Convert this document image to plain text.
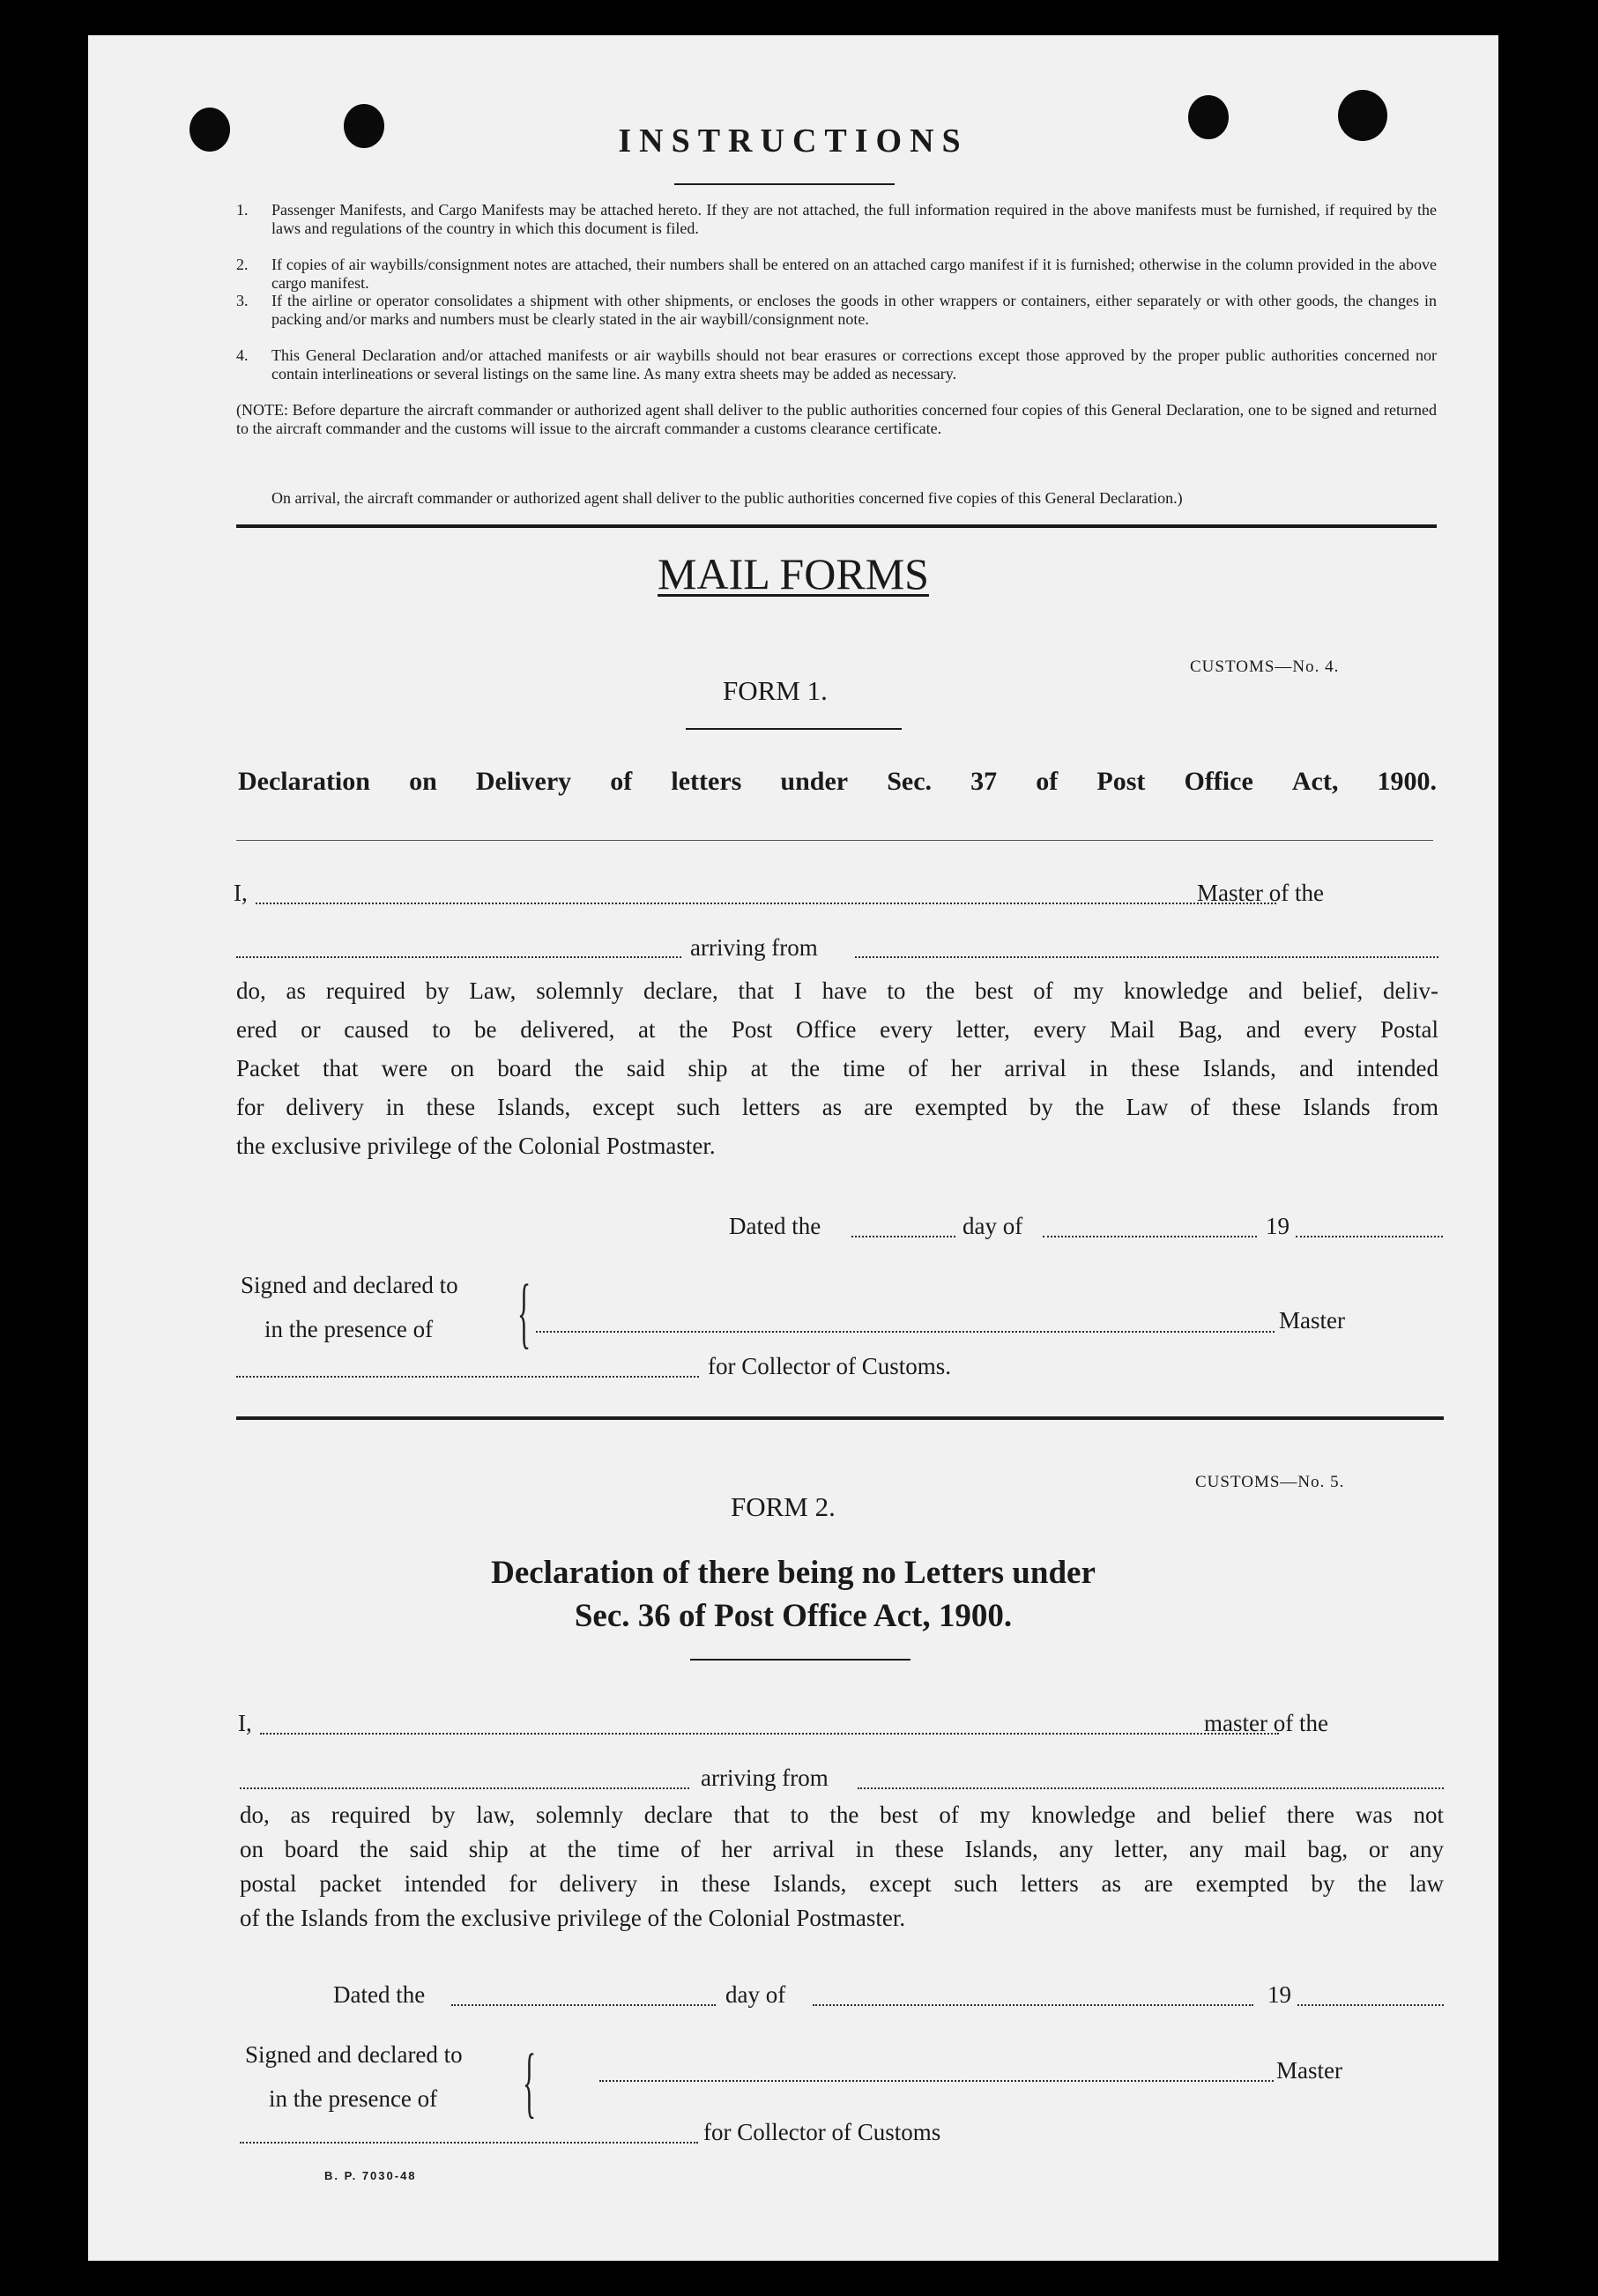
INSTRUCTIONS
1. Passenger Manifests, and Cargo Manifests may be attached hereto. If they are not attached, the full information required in the above manifests must be furnished, if required by the laws and regulations of the country in which this document is filed.
2. If copies of air waybills/consignment notes are attached, their numbers shall be entered on an attached cargo manifest if it is furnished; otherwise in the column provided in the above cargo manifest.
3. If the airline or operator consolidates a shipment with other shipments, or encloses the goods in other wrappers or containers, either separately or with other goods, the changes in packing and/or marks and numbers must be clearly stated in the air waybill/consignment note.
4. This General Declaration and/or attached manifests or air waybills should not bear erasures or corrections except those approved by the proper public authorities concerned nor contain interlineations or several listings on the same line. As many extra sheets may be added as necessary.
(NOTE: Before departure the aircraft commander or authorized agent shall deliver to the public authorities concerned four copies of this General Declaration, one to be signed and returned to the aircraft commander and the customs will issue to the aircraft commander a customs clearance certificate.
On arrival, the aircraft commander or authorized agent shall deliver to the public authorities concerned five copies of this General Declaration.)
MAIL FORMS
CUSTOMS—No. 4.
FORM 1.
Declaration on Delivery of letters under Sec. 37 of Post Office Act, 1900.
I,	Master of the
arriving from
do, as required by Law, solemnly declare, that I have to the best of my knowledge and belief, deliv-
ered or caused to be delivered, at the Post Office every letter, every Mail Bag, and every Postal
Packet that were on board the said ship at the time of her arrival in these Islands, and intended
for delivery in these Islands, except such letters as are exempted by the Law of these Islands from
the exclusive privilege of the Colonial Postmaster.
Dated the	day of	19
Signed and declared to
in the presence of {	Master
for Collector of Customs.
CUSTOMS—No. 5.
FORM 2.
Declaration of there being no Letters under
Sec. 36 of Post Office Act, 1900.
I,	master of the
arriving from
do, as required by law, solemnly declare that to the best of my knowledge and belief there was not
on board the said ship at the time of her arrival in these Islands, any letter, any mail bag, or any
postal packet intended for delivery in these Islands, except such letters as are exempted by the law
of the Islands from the exclusive privilege of the Colonial Postmaster.
Dated the	day of	19
Signed and declared to
in the presence of {	Master
for Collector of Customs
B. P. 7030-48
